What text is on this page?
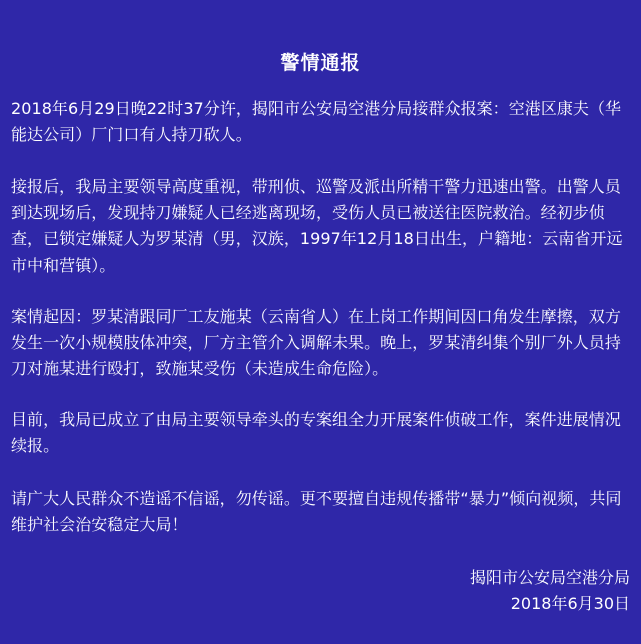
警情通报

2018年6月29日晚22时37分许，揭阳市公安局空港分局接群众报案：空港区康夫（华能达公司）厂门口有人持刀砍人。

接报后，我局主要领导高度重视，带刑侦、巡警及派出所精干警力迅速出警。出警人员到达现场后，发现持刀嫌疑人已经逃离现场，受伤人员已被送往医院救治。经初步侦查，已锁定嫌疑人为罗某清（男，汉族，1997年12月18日出生，户籍地：云南省开远市中和营镇）。

案情起因：罗某清跟同厂工友施某（云南省人）在上岗工作期间因口角发生摩擦，双方发生一次小规模肢体冲突，厂方主管介入调解未果。晚上，罗某清纠集个别厂外人员持刀对施某进行殴打，致施某受伤（未造成生命危险）。

目前，我局已成立了由局主要领导牵头的专案组全力开展案件侦破工作，案件进展情况续报。

请广大人民群众不造谣不信谣，勿传谣。更不要擅自违规传播带“暴力”倾向视频，共同维护社会治安稳定大局！

揭阳市公安局空港分局

2018年6月30日
